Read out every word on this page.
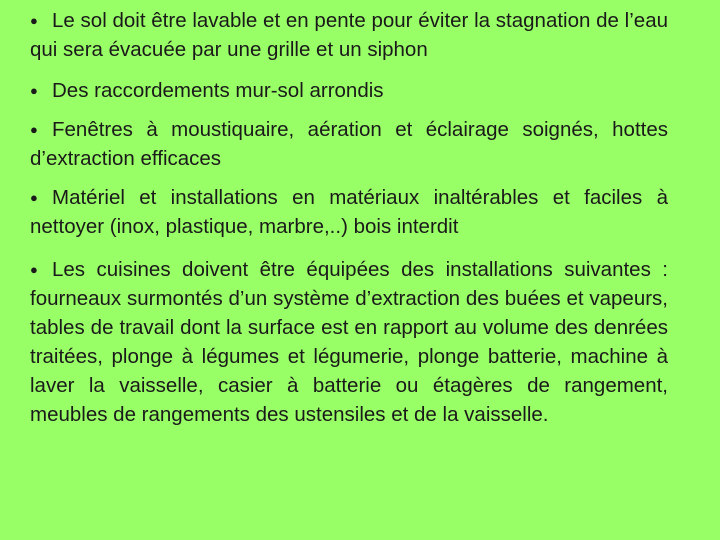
● Le sol doit être lavable et en pente pour éviter la stagnation de l’eau qui sera évacuée par une grille et un siphon

● Des raccordements mur-sol arrondis

● Fenêtres à moustiquaire, aération et éclairage soignés, hottes d’extraction efficaces

● Matériel et installations en matériaux inaltérables et faciles à nettoyer (inox, plastique, marbre,..) bois interdit

● Les cuisines doivent être équipées des installations suivantes : fourneaux surmontés d’un système d’extraction des buées et vapeurs, tables de travail dont la surface est en rapport au volume des denrées traitées, plonge à légumes et légumerie, plonge batterie, machine à laver la vaisselle, casier à batterie ou étagères de rangement, meubles de rangements des ustensiles et de la vaisselle.
